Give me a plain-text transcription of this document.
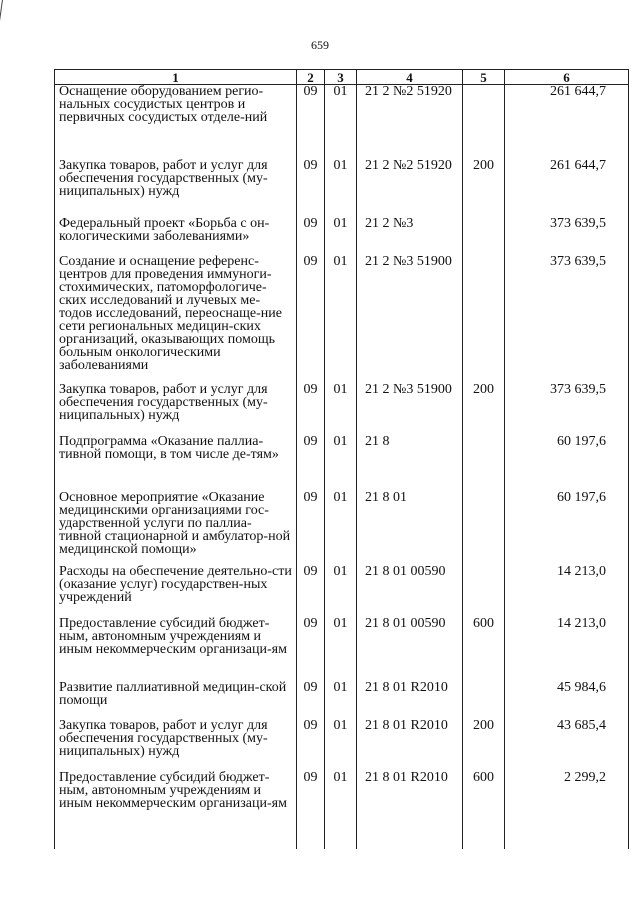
659
1	2	3	4	5	6
Оснащение оборудованием регио-нальных сосудистых центров и первичных сосудистых отделе-ний	09	01	21 2 №2 51920		261 644,7
Закупка товаров, работ и услуг для обеспечения государственных (му-ниципальных) нужд	09	01	21 2 №2 51920	200	261 644,7
Федеральный проект «Борьба с он-кологическими заболеваниями»	09	01	21 2 №3		373 639,5
Создание и оснащение референс-центров для проведения иммуноги-стохимических, патоморфологиче-ских исследований и лучевых ме-тодов исследований, переоснаще-ние сети региональных медицин-ских организаций, оказывающих помощь больным онкологическими заболеваниями	09	01	21 2 №3 51900		373 639,5
Закупка товаров, работ и услуг для обеспечения государственных (му-ниципальных) нужд	09	01	21 2 №3 51900	200	373 639,5
Подпрограмма «Оказание паллиа-тивной помощи, в том числе де-тям»	09	01	21 8		60 197,6
Основное мероприятие «Оказание медицинскими организациями гос-ударственной услуги по паллиа-тивной стационарной и амбулатор-ной медицинской помощи»	09	01	21 8 01		60 197,6
Расходы на обеспечение деятельно-сти (оказание услуг) государствен-ных учреждений	09	01	21 8 01 00590		14 213,0
Предоставление субсидий бюджет-ным, автономным учреждениям и иным некоммерческим организаци-ям	09	01	21 8 01 00590	600	14 213,0
Развитие паллиативной медицин-ской помощи	09	01	21 8 01 R2010		45 984,6
Закупка товаров, работ и услуг для обеспечения государственных (му-ниципальных) нужд	09	01	21 8 01 R2010	200	43 685,4
Предоставление субсидий бюджет-ным, автономным учреждениям и иным некоммерческим организаци-ям	09	01	21 8 01 R2010	600	2 299,2
